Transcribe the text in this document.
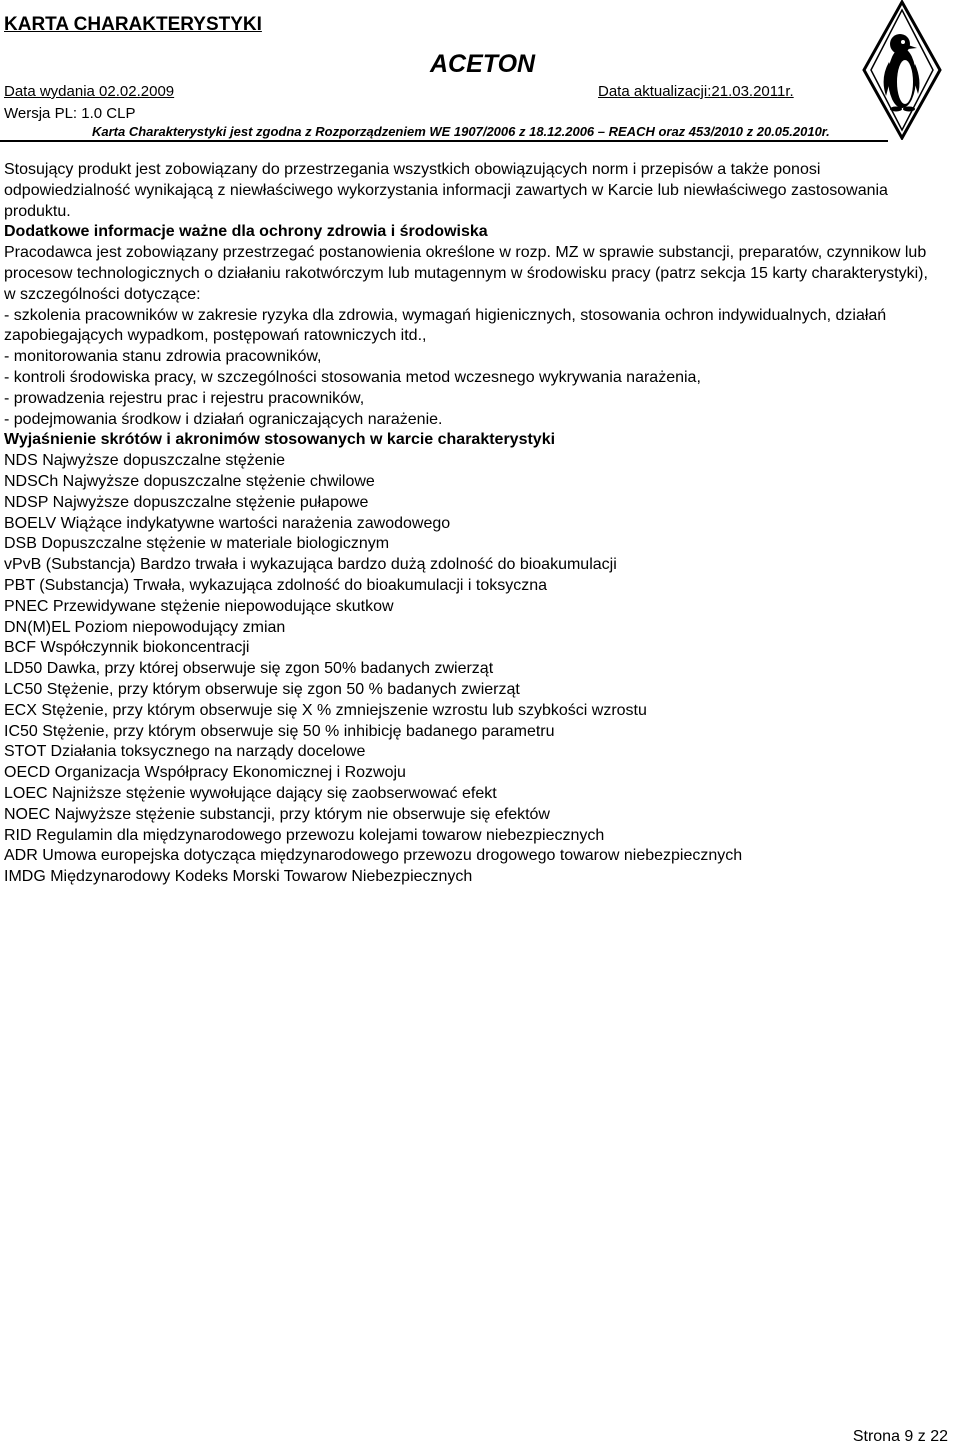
KARTA CHARAKTERYSTYKI
ACETON
Data wydania 02.02.2009	Data aktualizacji:21.03.2011r.
Wersja PL: 1.0 CLP
Karta Charakterystyki jest zgodna z Rozporządzeniem WE 1907/2006 z 18.12.2006 – REACH oraz 453/2010 z 20.05.2010r.

Stosujący produkt jest zobowiązany do przestrzegania wszystkich obowiązujących norm i przepisów a także ponosi odpowiedzialność wynikającą z niewłaściwego wykorzystania informacji zawartych w Karcie lub niewłaściwego zastosowania produktu.

Dodatkowe informacje ważne dla ochrony zdrowia i środowiska

Pracodawca jest zobowiązany przestrzegać postanowienia określone w rozp. MZ w sprawie substancji, preparatów, czynnikow lub procesow technologicznych o działaniu rakotwórczym lub mutagennym w środowisku pracy (patrz sekcja 15 karty charakterystyki), w szczególności dotyczące:

- szkolenia pracowników w zakresie ryzyka dla zdrowia, wymagań higienicznych, stosowania ochron indywidualnych, działań zapobiegających wypadkom, postępowań ratowniczych itd.,

- monitorowania stanu zdrowia pracowników,

- kontroli środowiska pracy, w szczególności stosowania metod wczesnego wykrywania narażenia,

- prowadzenia rejestru prac i rejestru pracowników,

- podejmowania środkow i działań ograniczających narażenie.

Wyjaśnienie skrótów i akronimów stosowanych w karcie charakterystyki

NDS Najwyższe dopuszczalne stężenie
NDSCh Najwyższe dopuszczalne stężenie chwilowe
NDSP Najwyższe dopuszczalne stężenie pułapowe
BOELV Wiążące indykatywne wartości narażenia zawodowego
DSB Dopuszczalne stężenie w materiale biologicznym
vPvB (Substancja) Bardzo trwała i wykazująca bardzo dużą zdolność do bioakumulacji
PBT (Substancja) Trwała, wykazująca zdolność do bioakumulacji i toksyczna
PNEC Przewidywane stężenie niepowodujące skutkow
DN(M)EL Poziom niepowodujący zmian
BCF Współczynnik biokoncentracji
LD50 Dawka, przy której obserwuje się zgon 50% badanych zwierząt
LC50 Stężenie, przy którym obserwuje się zgon 50 % badanych zwierząt
ECX Stężenie, przy którym obserwuje się X % zmniejszenie wzrostu lub szybkości wzrostu
IC50 Stężenie, przy którym obserwuje się 50 % inhibicję badanego parametru
STOT Działania toksycznego na narządy docelowe
OECD Organizacja Współpracy Ekonomicznej i Rozwoju
LOEC Najniższe stężenie wywołujące dający się zaobserwować efekt
NOEC Najwyższe stężenie substancji, przy którym nie obserwuje się efektów
RID Regulamin dla międzynarodowego przewozu kolejami towarow niebezpiecznych
ADR Umowa europejska dotycząca międzynarodowego przewozu drogowego towarow niebezpiecznych
IMDG Międzynarodowy Kodeks Morski Towarow Niebezpiecznych
Strona 9 z 22
